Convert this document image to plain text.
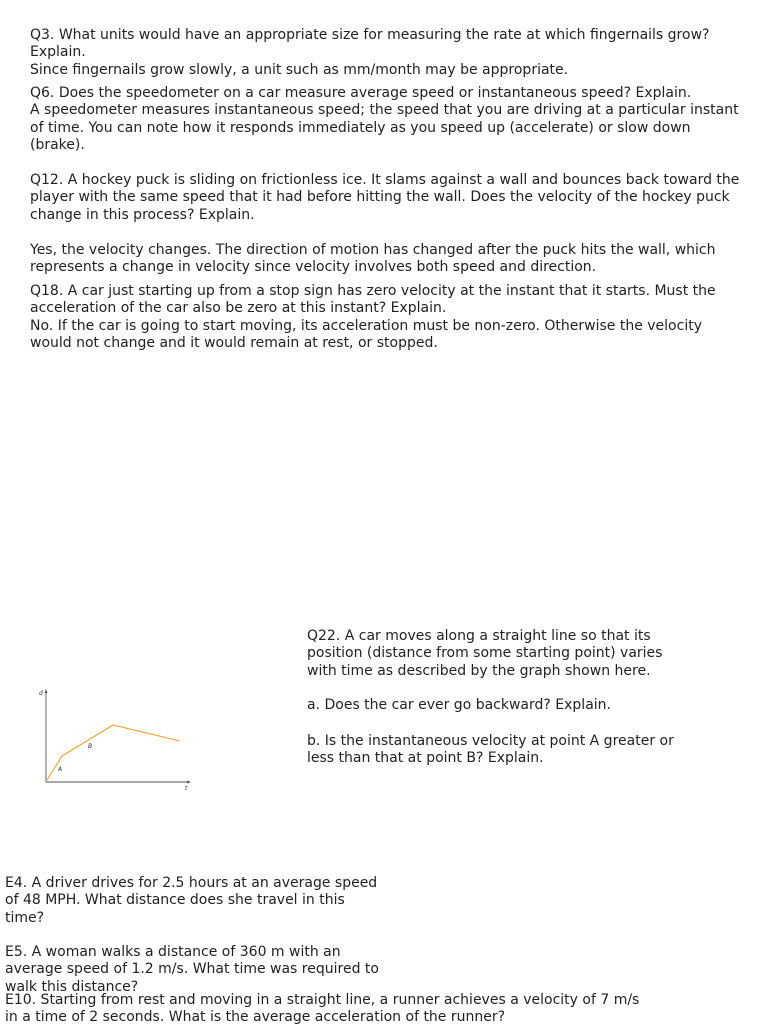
Q3. What units would have an appropriate size for measuring the rate at which fingernails grow? Explain.

Since fingernails grow slowly, a unit such as mm/month may be appropriate.

Q6. Does the speedometer on a car measure average speed or instantaneous speed? Explain.

A speedometer measures instantaneous speed; the speed that you are driving at a particular instant of time. You can note how it responds immediately as you speed up (accelerate) or slow down (brake).

Q12. A hockey puck is sliding on frictionless ice. It slams against a wall and bounces back toward the player with the same speed that it had before hitting the wall. Does the velocity of the hockey puck change in this process? Explain.

Yes, the velocity changes. The direction of motion has changed after the puck hits the wall, which represents a change in velocity since velocity involves both speed and direction.

Q18. A car just starting up from a stop sign has zero velocity at the instant that it starts. Must the acceleration of the car also be zero at this instant? Explain.

No. If the car is going to start moving, its acceleration must be non-zero. Otherwise the velocity would not change and it would remain at rest, or stopped.

d
t
A
B

Q22. A car moves along a straight line so that its position (distance from some starting point) varies with time as described by the graph shown here.

a. Does the car ever go backward? Explain.

b. Is the instantaneous velocity at point A greater or less than that at point B? Explain.

E4. A driver drives for 2.5 hours at an average speed of 48 MPH. What distance does she travel in this time?

E5. A woman walks a distance of 360 m with an average speed of 1.2 m/s. What time was required to walk this distance?

E10. Starting from rest and moving in a straight line, a runner achieves a velocity of 7 m/s in a time of 2 seconds. What is the average acceleration of the runner?
